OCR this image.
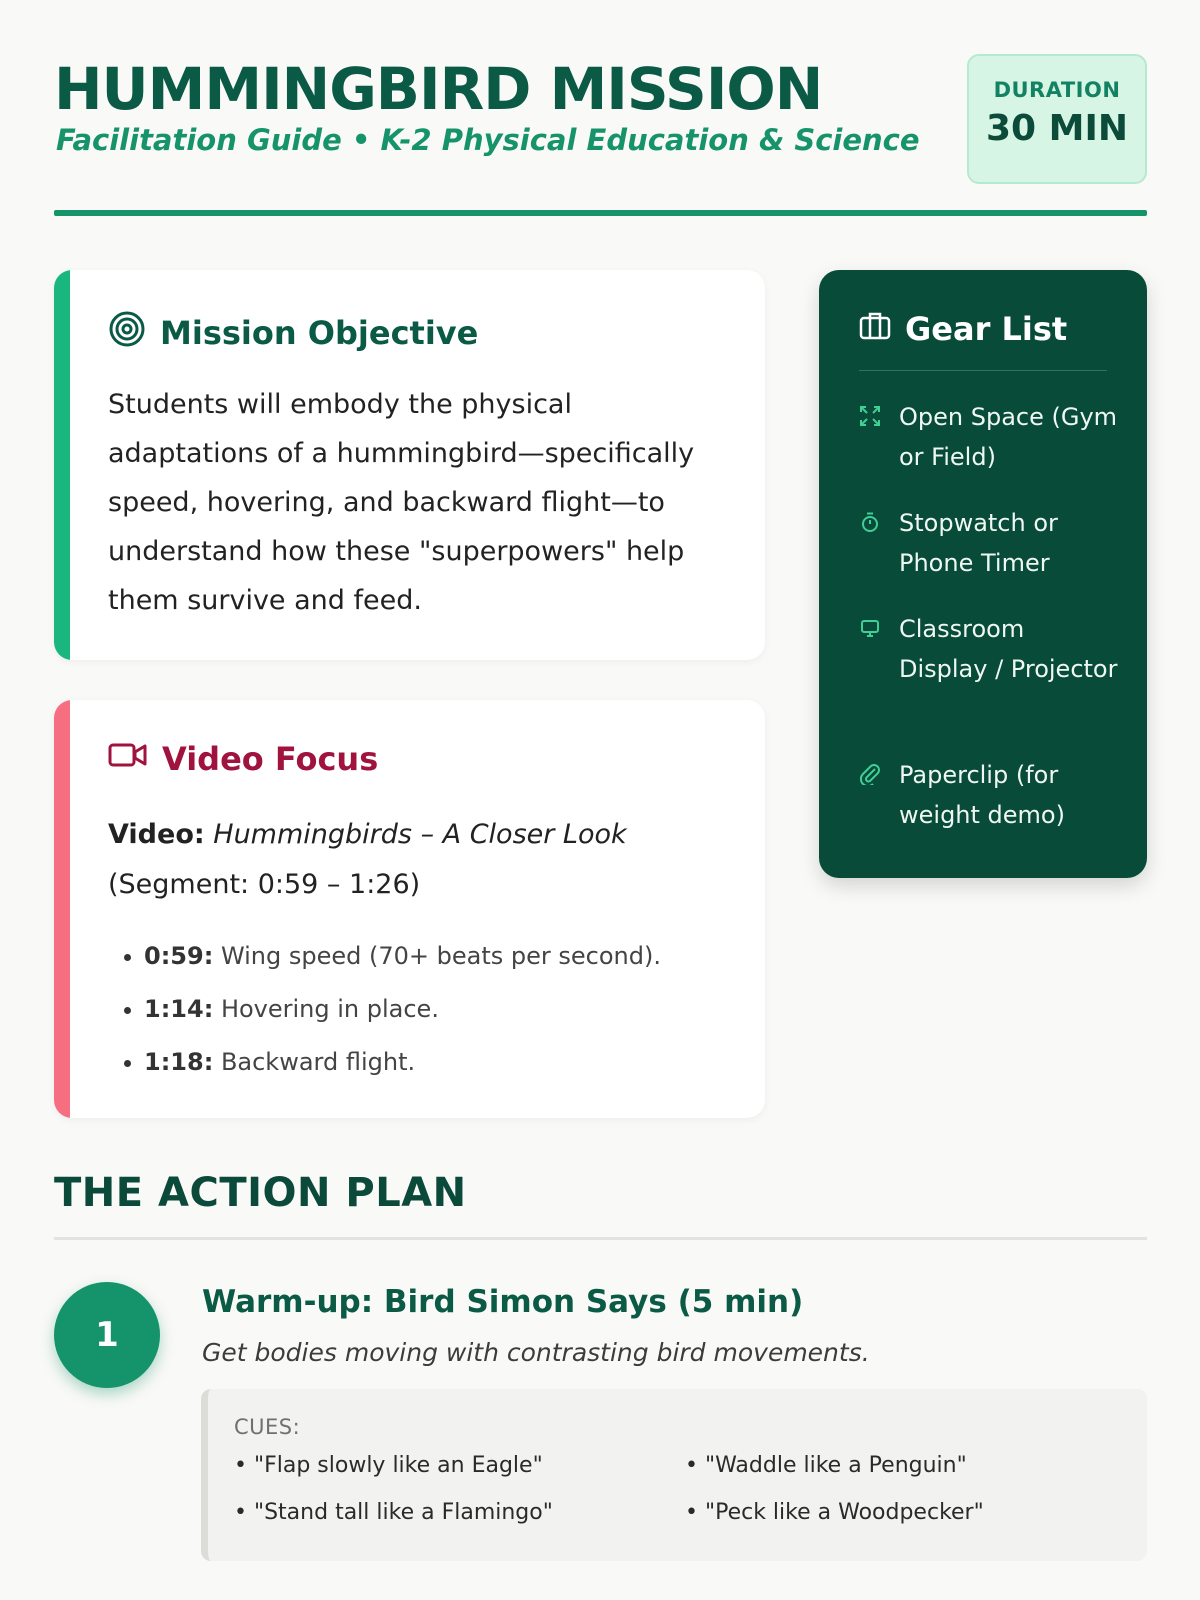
HUMMINGBIRD MISSION
Facilitation Guide • K-2 Physical Education & Science
DURATION
30 MIN
Mission Objective
Students will embody the physical adaptations of a hummingbird—specifically speed, hovering, and backward flight—to understand how these "superpowers" help them survive and feed.
Video Focus
Video: Hummingbirds – A Closer Look
(Segment: 0:59 – 1:26)
0:59: Wing speed (70+ beats per second).
1:14: Hovering in place.
1:18: Backward flight.
Gear List
Open Space (Gym or Field)
Stopwatch or Phone Timer
Classroom Display / Projector
Paperclip (for weight demo)
THE ACTION PLAN
1
Warm-up: Bird Simon Says (5 min)
Get bodies moving with contrasting bird movements.
CUES:
• "Flap slowly like an Eagle"	• "Waddle like a Penguin"
• "Stand tall like a Flamingo"	• "Peck like a Woodpecker"
